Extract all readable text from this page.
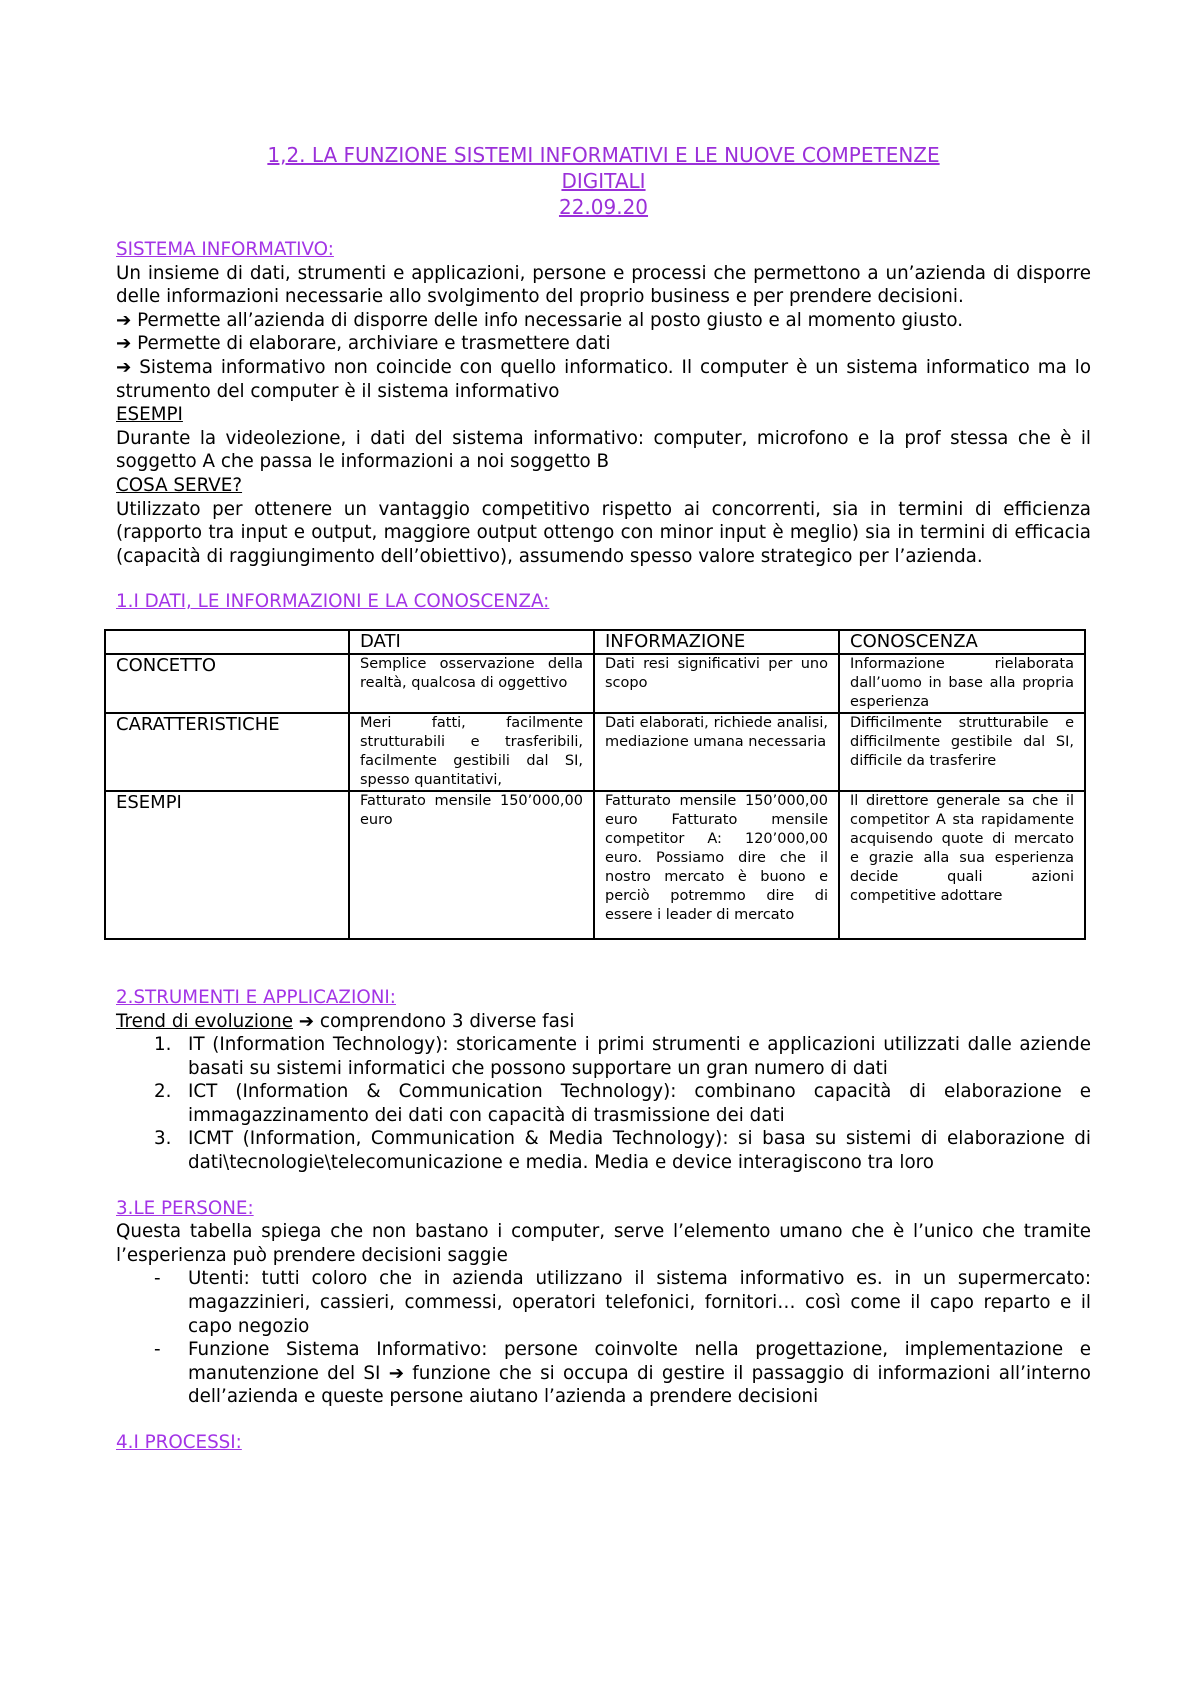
1,2. LA FUNZIONE SISTEMI INFORMATIVI E LE NUOVE COMPETENZE
DIGITALI
22.09.20

SISTEMA INFORMATIVO:

Un insieme di dati, strumenti e applicazioni, persone e processi che permettono a un’azienda di disporre delle informazioni necessarie allo svolgimento del proprio business e per prendere decisioni.

➔ Permette all’azienda di disporre delle info necessarie al posto giusto e al momento giusto.

➔ Permette di elaborare, archiviare e trasmettere dati

➔ Sistema informativo non coincide con quello informatico. Il computer è un sistema informatico ma lo strumento del computer è il sistema informativo

ESEMPI

Durante la videolezione, i dati del sistema informativo: computer, microfono e la prof stessa che è il soggetto A che passa le informazioni a noi soggetto B

COSA SERVE?

Utilizzato per ottenere un vantaggio competitivo rispetto ai concorrenti, sia in termini di efficienza (rapporto tra input e output, maggiore output ottengo con minor input è meglio) sia in termini di efficacia (capacità di raggiungimento dell’obiettivo), assumendo spesso valore strategico per l’azienda.

1.I DATI, LE INFORMAZIONI E LA CONOSCENZA:

	DATI	INFORMAZIONE	CONOSCENZA
CONCETTO	Semplice osservazione della realtà, qualcosa di oggettivo	Dati resi significativi per uno scopo	Informazione rielaborata dall’uomo in base alla propria esperienza
CARATTERISTICHE	Meri fatti, facilmente strutturabili e trasferibili, facilmente gestibili dal SI, spesso quantitativi,	Dati elaborati, richiede analisi, mediazione umana necessaria	Difficilmente strutturabile e difficilmente gestibile dal SI, difficile da trasferire
ESEMPI	Fatturato mensile 150’000,00 euro	Fatturato mensile 150’000,00 euro Fatturato mensile competitor A: 120’000,00 euro. Possiamo dire che il nostro mercato è buono e perciò potremmo dire di essere i leader di mercato	Il direttore generale sa che il competitor A sta rapidamente acquisendo quote di mercato e grazie alla sua esperienza decide quali azioni competitive adottare

2.STRUMENTI E APPLICAZIONI:

Trend di evoluzione ➔ comprendono 3 diverse fasi

1. IT (Information Technology): storicamente i primi strumenti e applicazioni utilizzati dalle aziende basati su sistemi informatici che possono supportare un gran numero di dati
2. ICT (Information & Communication Technology): combinano capacità di elaborazione e immagazzinamento dei dati con capacità di trasmissione dei dati
3. ICMT (Information, Communication & Media Technology): si basa su sistemi di elaborazione di dati\tecnologie\telecomunicazione e media. Media e device interagiscono tra loro

3.LE PERSONE:

Questa tabella spiega che non bastano i computer, serve l’elemento umano che è l’unico che tramite l’esperienza può prendere decisioni saggie

-	Utenti: tutti coloro che in azienda utilizzano il sistema informativo es. in un supermercato: magazzinieri, cassieri, commessi, operatori telefonici, fornitori… così come il capo reparto e il capo negozio
-	Funzione Sistema Informativo: persone coinvolte nella progettazione, implementazione e manutenzione del SI ➔ funzione che si occupa di gestire il passaggio di informazioni all’interno dell’azienda e queste persone aiutano l’azienda a prendere decisioni

4.I PROCESSI:
